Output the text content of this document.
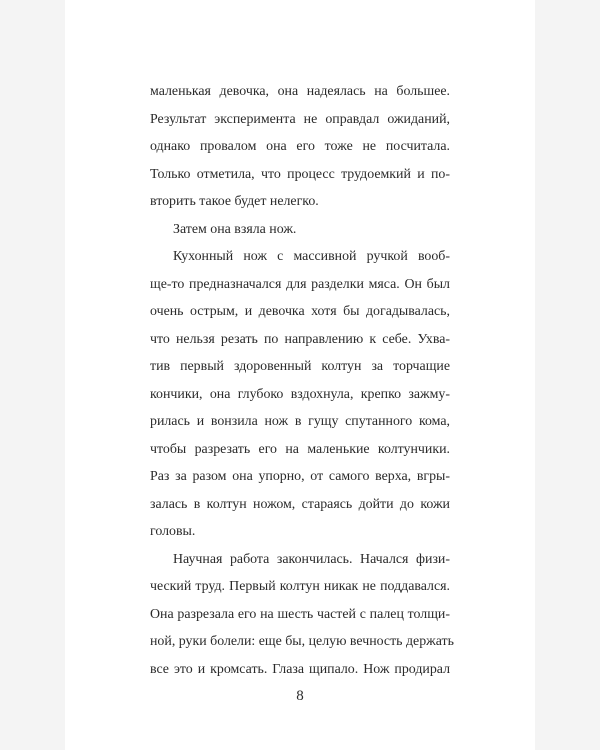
маленькая девочка, она надеялась на большее.
Результат эксперимента не оправдал ожиданий,
однако провалом она его тоже не посчитала.
Только отметила, что процесс трудоемкий и по-
вторить такое будет нелегко.
Затем она взяла нож.
Кухонный нож с массивной ручкой вооб-
ще-то предназначался для разделки мяса. Он был
очень острым, и девочка хотя бы догадывалась,
что нельзя резать по направлению к себе. Ухва-
тив первый здоровенный колтун за торчащие
кончики, она глубоко вздохнула, крепко зажму-
рилась и вонзила нож в гущу спутанного кома,
чтобы разрезать его на маленькие колтунчики.
Раз за разом она упорно, от самого верха, вгры-
залась в колтун ножом, стараясь дойти до кожи
головы.
Научная работа закончилась. Начался физи-
ческий труд. Первый колтун никак не поддавался.
Она разрезала его на шесть частей с палец толщи-
ной, руки болели: еще бы, целую вечность держать
все это и кромсать. Глаза щипало. Нож продирал
8
